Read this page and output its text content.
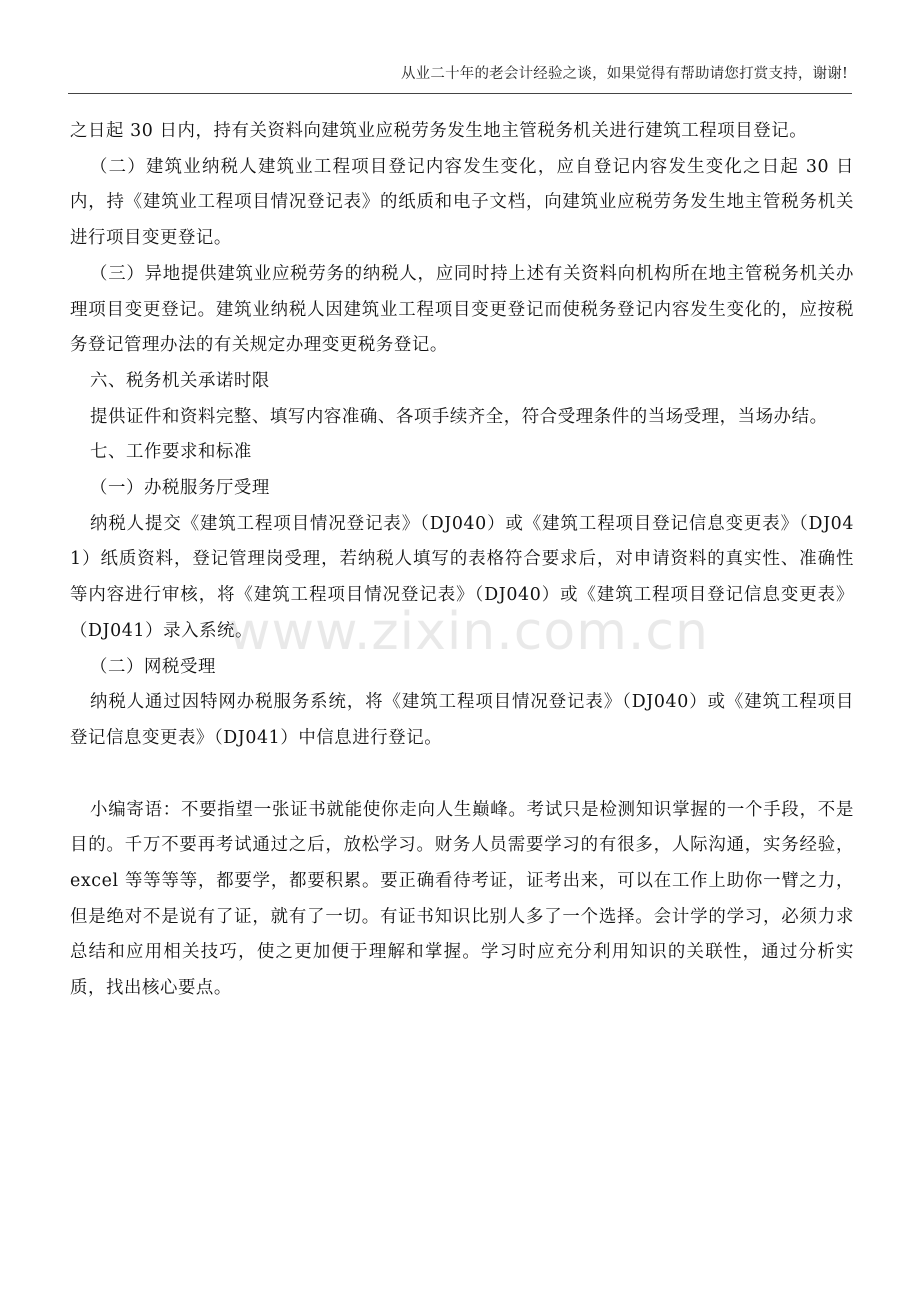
从业二十年的老会计经验之谈，如果觉得有帮助请您打赏支持，谢谢!

之日起 30 日内，持有关资料向建筑业应税劳务发生地主管税务机关进行建筑工程项目登记。

（二）建筑业纳税人建筑业工程项目登记内容发生变化，应自登记内容发生变化之日起 30 日内，持《建筑业工程项目情况登记表》的纸质和电子文档，向建筑业应税劳务发生地主管税务机关进行项目变更登记。

（三）异地提供建筑业应税劳务的纳税人，应同时持上述有关资料向机构所在地主管税务机关办理项目变更登记。建筑业纳税人因建筑业工程项目变更登记而使税务登记内容发生变化的，应按税务登记管理办法的有关规定办理变更税务登记。

六、税务机关承诺时限

提供证件和资料完整、填写内容准确、各项手续齐全，符合受理条件的当场受理，当场办结。

七、工作要求和标准

（一）办税服务厅受理

纳税人提交《建筑工程项目情况登记表》（DJ040）或《建筑工程项目登记信息变更表》（DJ041）纸质资料，登记管理岗受理，若纳税人填写的表格符合要求后，对申请资料的真实性、准确性等内容进行审核，将《建筑工程项目情况登记表》（DJ040）或《建筑工程项目登记信息变更表》（DJ041）录入系统。

（二）网税受理

纳税人通过因特网办税服务系统，将《建筑工程项目情况登记表》（DJ040）或《建筑工程项目登记信息变更表》（DJ041）中信息进行登记。

小编寄语：不要指望一张证书就能使你走向人生巅峰。考试只是检测知识掌握的一个手段，不是目的。千万不要再考试通过之后，放松学习。财务人员需要学习的有很多，人际沟通，实务经验，excel 等等等等，都要学，都要积累。要正确看待考证，证考出来，可以在工作上助你一臂之力，但是绝对不是说有了证，就有了一切。有证书知识比别人多了一个选择。会计学的学习，必须力求总结和应用相关技巧，使之更加便于理解和掌握。学习时应充分利用知识的关联性，通过分析实质，找出核心要点。

www.zixin.com.cn
